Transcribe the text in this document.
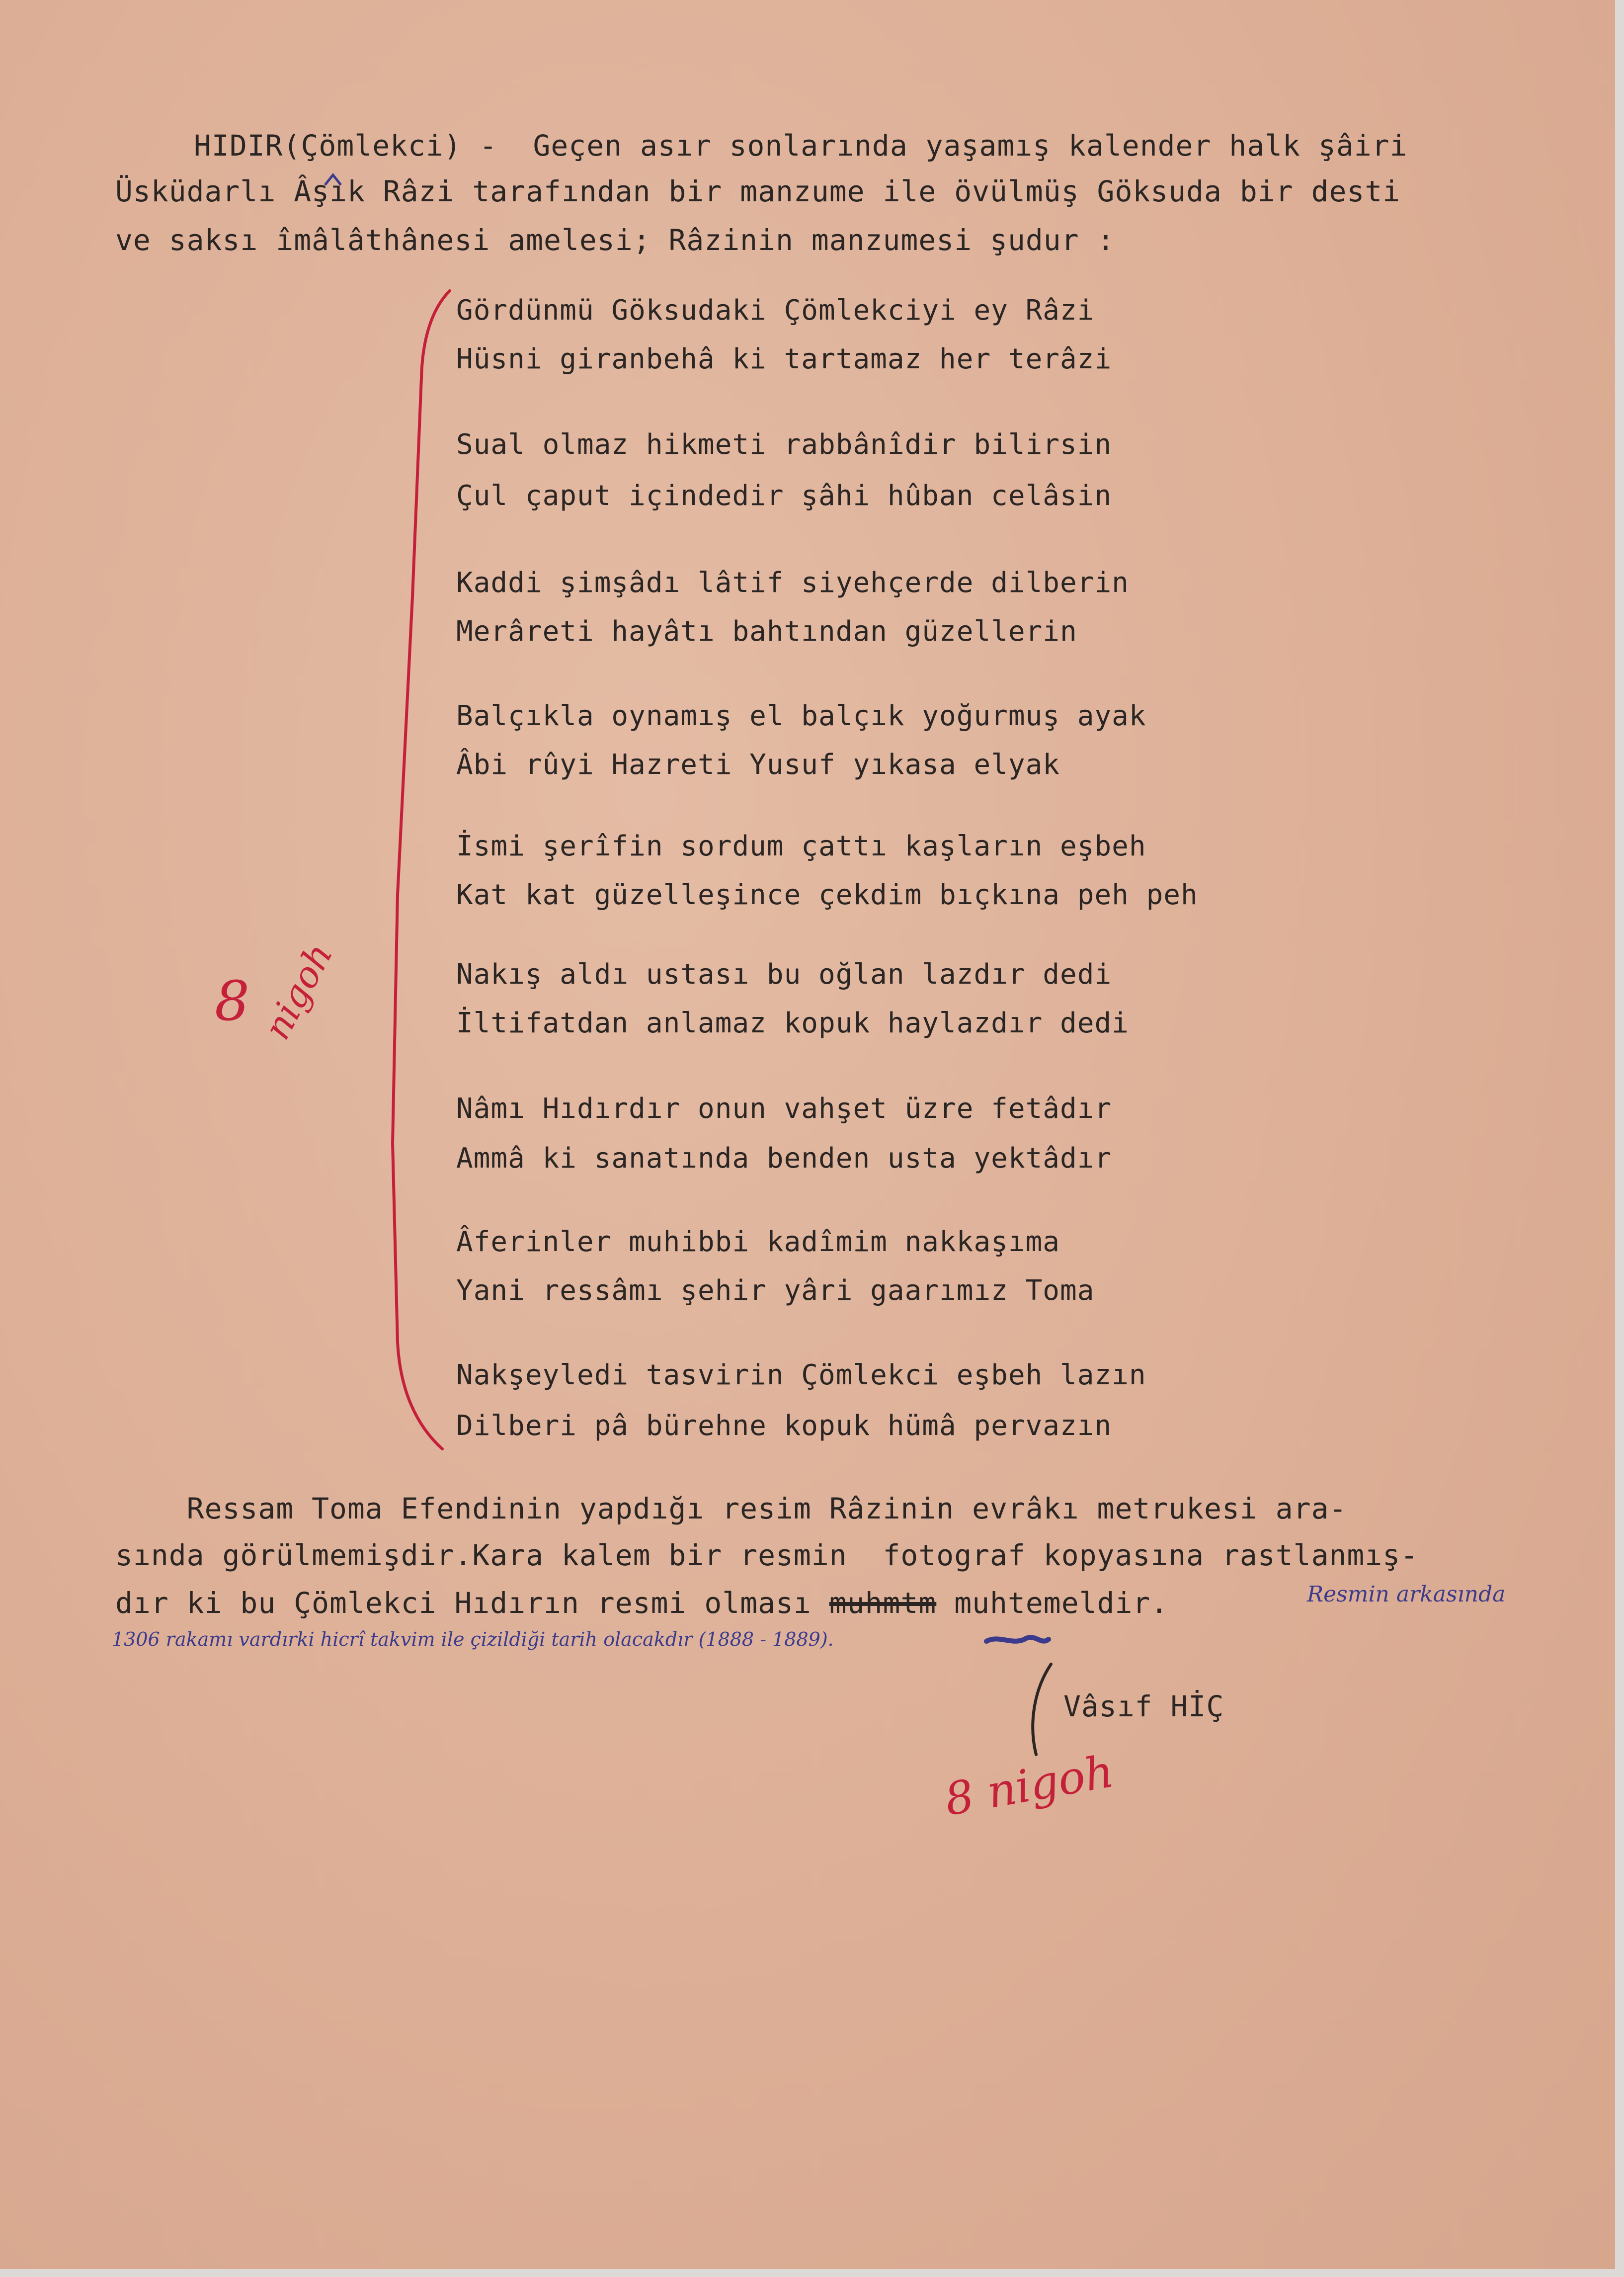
HIDIR(Çömlekci) -  Geçen asır sonlarında yaşamış kalender halk şâiri
Üsküdarlı Âşık Râzi tarafından bir manzume ile övülmüş Göksuda bir desti
ve saksı îmâlâthânesi amelesi; Râzinin manzumesi şudur :
Gördünmü Göksudaki Çömlekciyi ey Râzi
Hüsni giranbehâ ki tartamaz her terâzi
Sual olmaz hikmeti rabbânîdir bilirsin
Çul çaput içindedir şâhi hûban celâsin
Kaddi şimşâdı lâtif siyehçerde dilberin
Merâreti hayâtı bahtından güzellerin
Balçıkla oynamış el balçık yoğurmuş ayak
Âbi rûyi Hazreti Yusuf yıkasa elyak
İsmi şerîfin sordum çattı kaşların eşbeh
Kat kat güzelleşince çekdim bıçkına peh peh
Nakış aldı ustası bu oğlan lazdır dedi
İltifatdan anlamaz kopuk haylazdır dedi
Nâmı Hıdırdır onun vahşet üzre fetâdır
Ammâ ki sanatında benden usta yektâdır
Âferinler muhibbi kadîmim nakkaşıma
Yani ressâmı şehir yâri gaarımız Toma
Nakşeyledi tasvirin Çömlekci eşbeh lazın
Dilberi pâ bürehne kopuk hümâ pervazın
Ressam Toma Efendinin yapdığı resim Râzinin evrâkı metrukesi ara-
sında görülmemişdir.Kara kalem bir resmin  fotograf kopyasına rastlanmış-
dır ki bu Çömlekci Hıdırın resmi olması muhmtm muhtemeldir.	Resmin arkasında
1306 rakamı vardırki hicrî takvim ile çizildiği tarih olacakdır (1888 - 1889).
Vâsıf HİÇ
8 nigoh
8 nigoh
